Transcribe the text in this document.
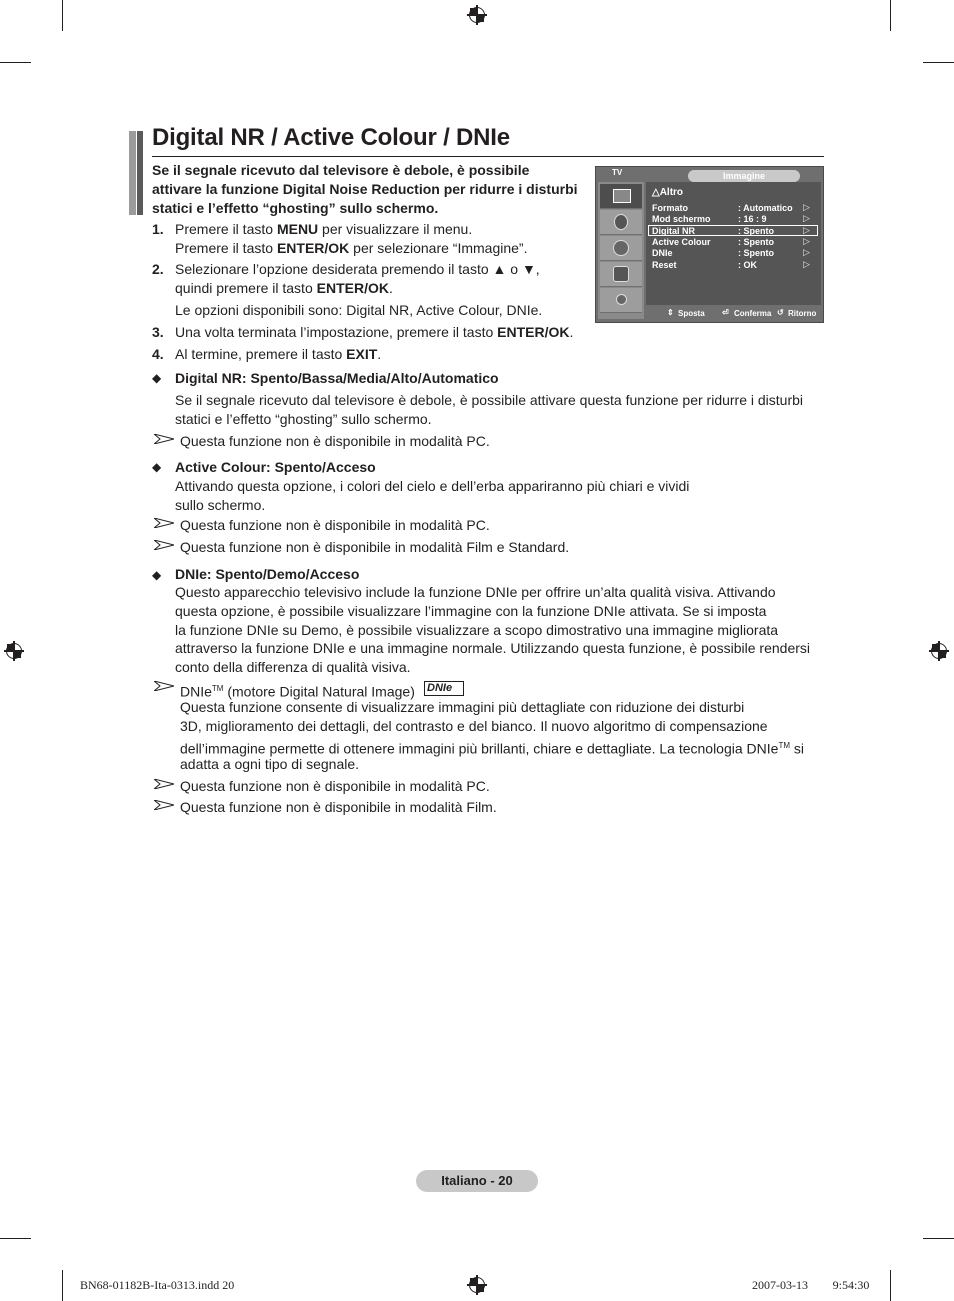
Digital NR / Active Colour / DNIe
Se il segnale ricevuto dal televisore è debole, è possibile
attivare la funzione Digital Noise Reduction per ridurre i disturbi
statici e l’effetto “ghosting” sullo schermo.
1. Premere il tasto MENU per visualizzare il menu.
Premere il tasto ENTER/OK per selezionare “Immagine”.
2. Selezionare l’opzione desiderata premendo il tasto ▲ o ▼,
quindi premere il tasto ENTER/OK.
Le opzioni disponibili sono: Digital NR, Active Colour, DNIe.
3. Una volta terminata l’impostazione, premere il tasto ENTER/OK.
4. Al termine, premere il tasto EXIT.
◆ Digital NR: Spento/Bassa/Media/Alto/Automatico
Se il segnale ricevuto dal televisore è debole, è possibile attivare questa funzione per ridurre i disturbi
statici e l’effetto “ghosting” sullo schermo.
Questa funzione non è disponibile in modalità PC.
◆ Active Colour: Spento/Acceso
Attivando questa opzione, i colori del cielo e dell’erba appariranno più chiari e vividi
sullo schermo.
Questa funzione non è disponibile in modalità PC.
Questa funzione non è disponibile in modalità Film e Standard.
◆ DNIe: Spento/Demo/Acceso
Questo apparecchio televisivo include la funzione DNIe per offrire un’alta qualità visiva. Attivando
questa opzione, è possibile visualizzare l’immagine con la funzione DNIe attivata. Se si imposta
la funzione DNIe su Demo, è possibile visualizzare a scopo dimostrativo una immagine migliorata
attraverso la funzione DNIe e una immagine normale. Utilizzando questa funzione, è possibile rendersi
conto della differenza di qualità visiva.
DNIe™ (motore Digital Natural Image) DNIe
Questa funzione consente di visualizzare immagini più dettagliate con riduzione dei disturbi
3D, miglioramento dei dettagli, del contrasto e del bianco. Il nuovo algoritmo di compensazione
dell’immagine permette di ottenere immagini più brillanti, chiare e dettagliate. La tecnologia DNIe™ si
adatta a ogni tipo di segnale.
Questa funzione non è disponibile in modalità PC.
Questa funzione non è disponibile in modalità Film.
TV	Immagine
△Altro
Formato	: Automatico ▷
Mod schermo	: 16 : 9	▷
Digital NR	: Spento	▷
Active Colour	: Spento	▷
DNIe	: Spento	▷
Reset	: OK	▷
⇕ Sposta ⏎ Conferma ↺ Ritorno
Italiano - 20
BN68-01182B-Ita-0313.indd 20	2007-03-13    9:54:30
